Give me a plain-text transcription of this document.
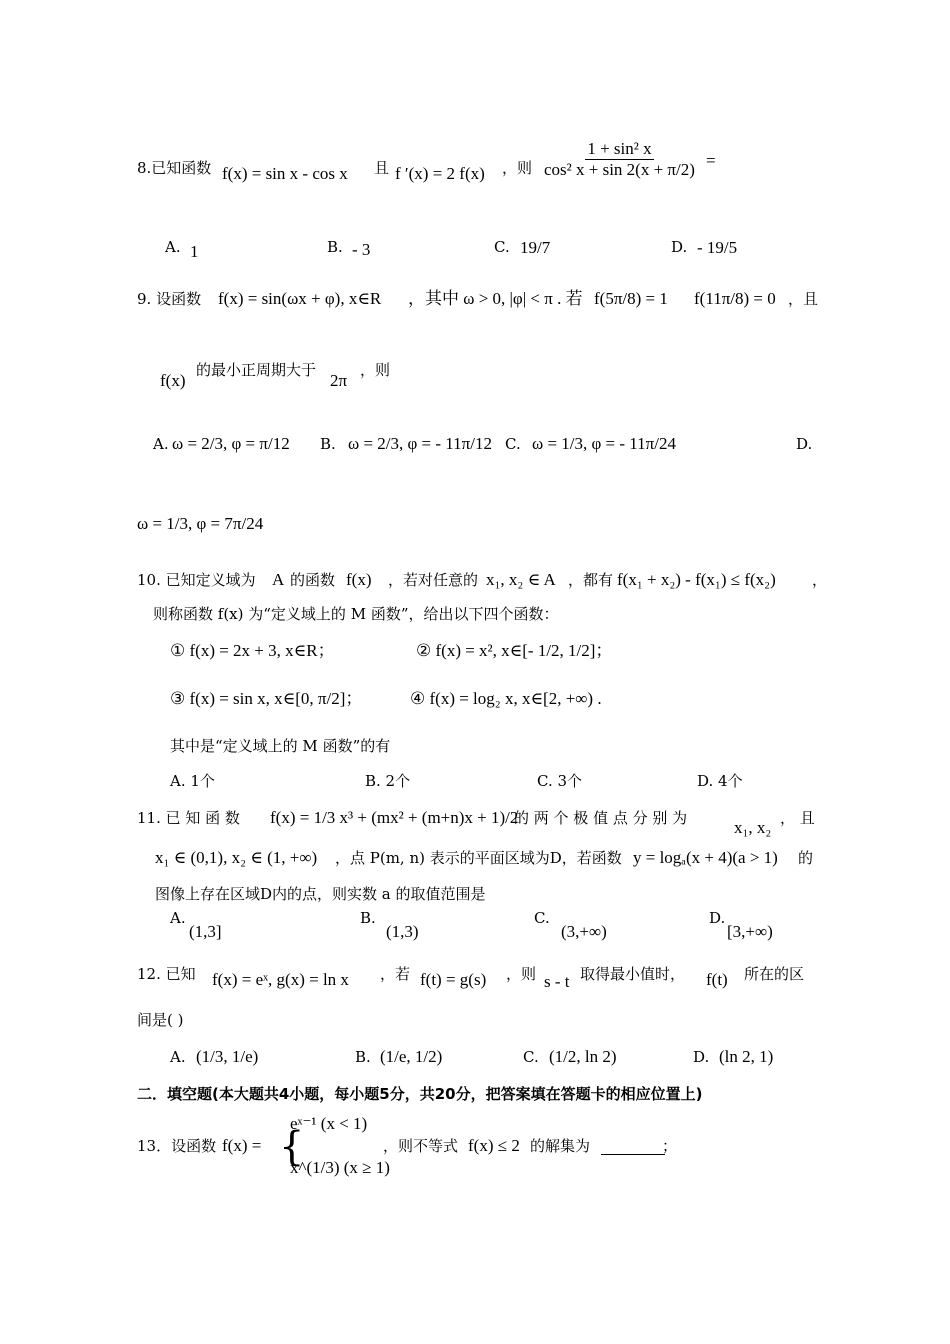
8.已知函数 f(x) = sin x - cos x 且 f ′(x) = 2 f(x) ，则 $\frac{\text{1 + sin² x}}{\text{cos² x + sin 2(x + π/2)}}$ =
A. 1	B. - 3	C. 19/7	D. - 19/5
9. 设函数 f(x) = sin(ωx + φ), x∈R ，其中 ω > 0, |φ| < π . 若 f(5π/8) = 1 f(11π/8) = 0 ，且
f(x)
的最小正周期大于
2π
，则
A. ω = 2/3, φ = π/12 B. ω = 2/3, φ = - 11π/12 C. ω = 1/3, φ = - 11π/24	D.
ω = 1/3, φ = 7π/24
10. 已知定义域为 A 的函数 f(x) ，若对任意的 x₁, x₂ ∈ A ，都有 f(x₁ + x₂) - f(x₁) ≤ f(x₂) ，
则称函数 f(x) 为“定义域上的 M 函数”，给出以下四个函数：
① f(x) = 2x + 3, x∈R；	② f(x) = x², x∈[- 1/2, 1/2]；
③ f(x) = sin x, x∈[0, π/2]；	④ f(x) = log₂ x, x∈[2, +∞) .
其中是“定义域上的 M 函数”的有
A. 1个	B. 2个	C. 3个	D. 4个
11. 已 知 函 数 f(x) = 1/3 x³ + (mx² + (m+n)x + 1)/2
的 两 个 极 值 点 分 别 为	x₁, x₂ ， 且
x₁ ∈ (0,1), x₂ ∈ (1, +∞) ，点 P(m, n) 表示的平面区域为D，若函数 y = logₐ(x + 4)(a > 1) 的
图像上存在区域D内的点，则实数 a 的取值范围是
A.
(1,3]
B.
(1,3)
C.
(3,+∞)
D.
[3,+∞)
12. 已知 f(x) = eˣ, g(x) = ln x ，若 f(t) = g(s) ，则 s - t 取得最小值时， f(t) 所在的区
间是( )
A. (1/3, 1/e)	B. (1/e, 1/2)	C. (1/2, ln 2)	D. (ln 2, 1)
二．填空题(本大题共4小题，每小题5分，共20分，把答案填在答题卡的相应位置上)
13．设函数 f(x) = {
eˣ⁻¹ (x < 1)
x^(1/3) (x ≥ 1)
，则不等式 f(x) ≤ 2 的解集为	；
